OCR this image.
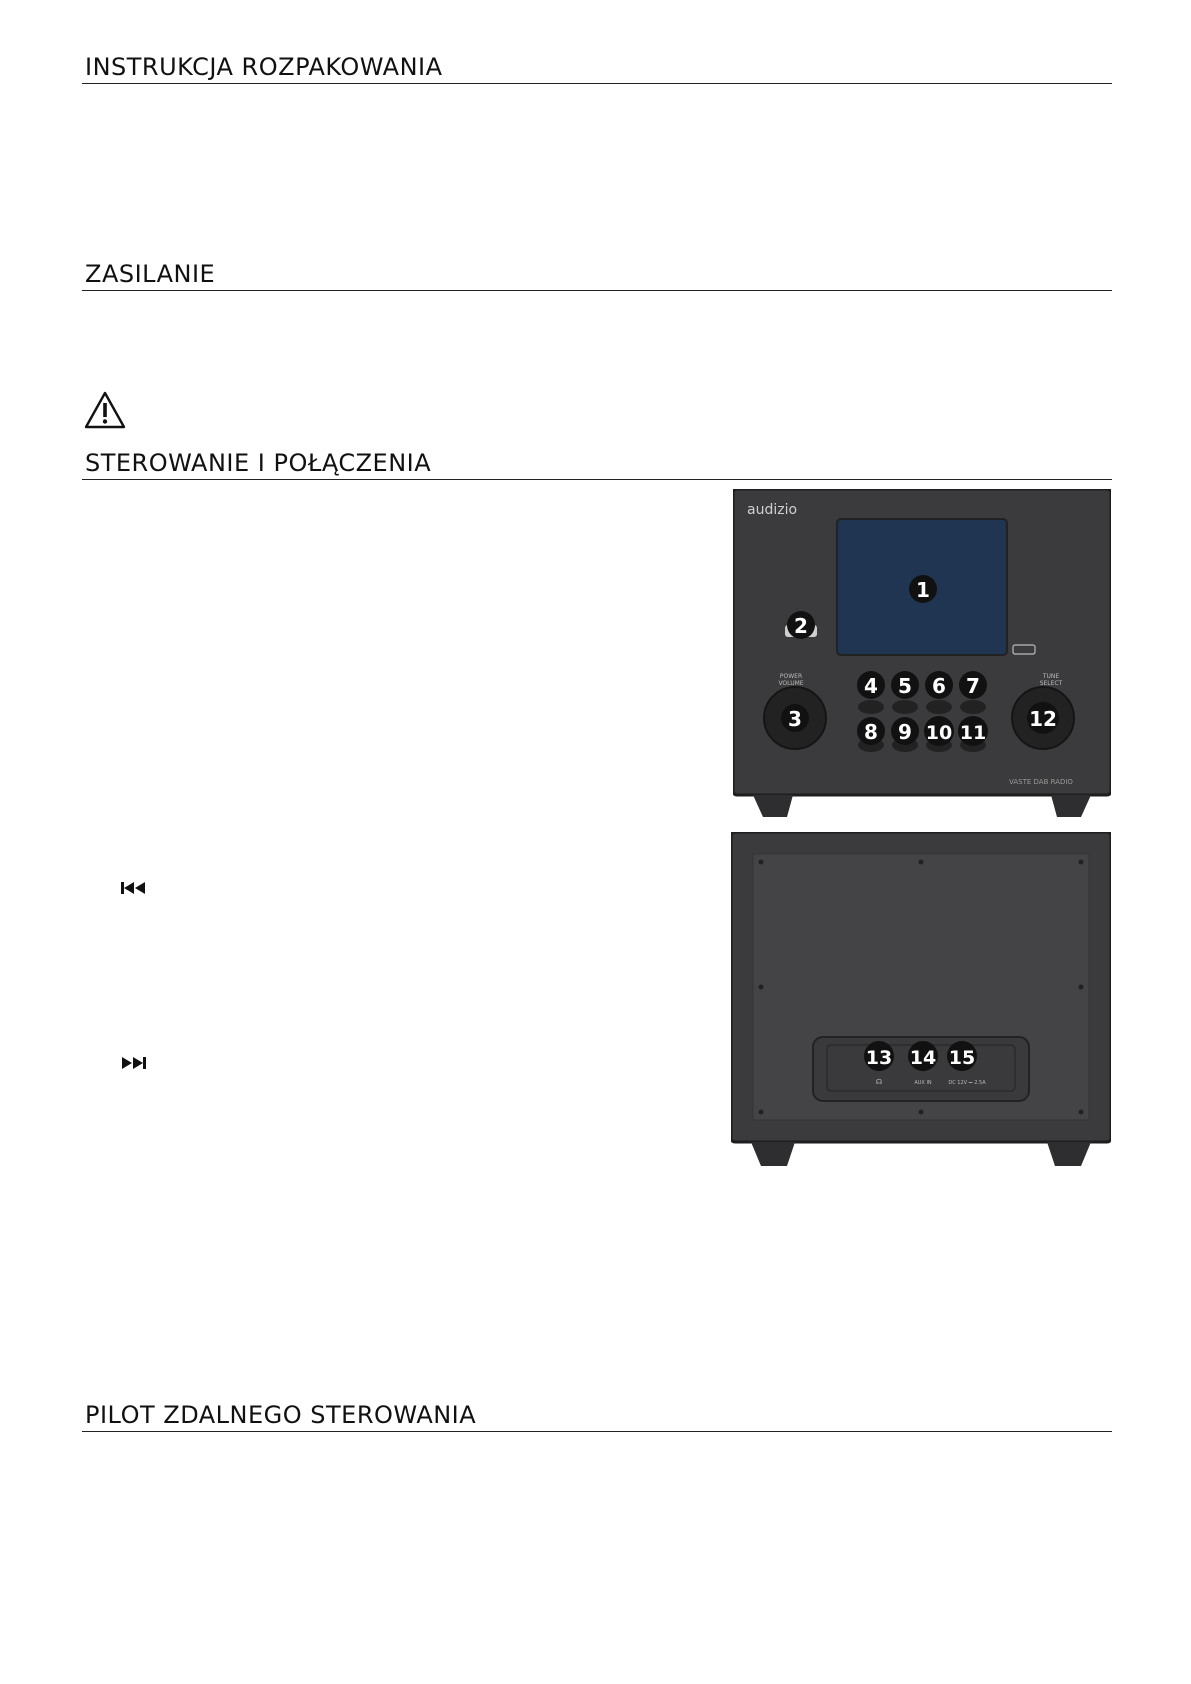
INSTRUKCJA ROZPAKOWANIA
ZASILANIE
STEROWANIE I POŁĄCZENIA
audizio
POWER
VOLUME
TUNE
SELECT
VASTE DAB RADIO
1
2
3
4 5 6 7
8 9 10 11
12
☊	AUX IN	DC 12V ⎓ 2.5A
13 14 15
PILOT ZDALNEGO STEROWANIA
